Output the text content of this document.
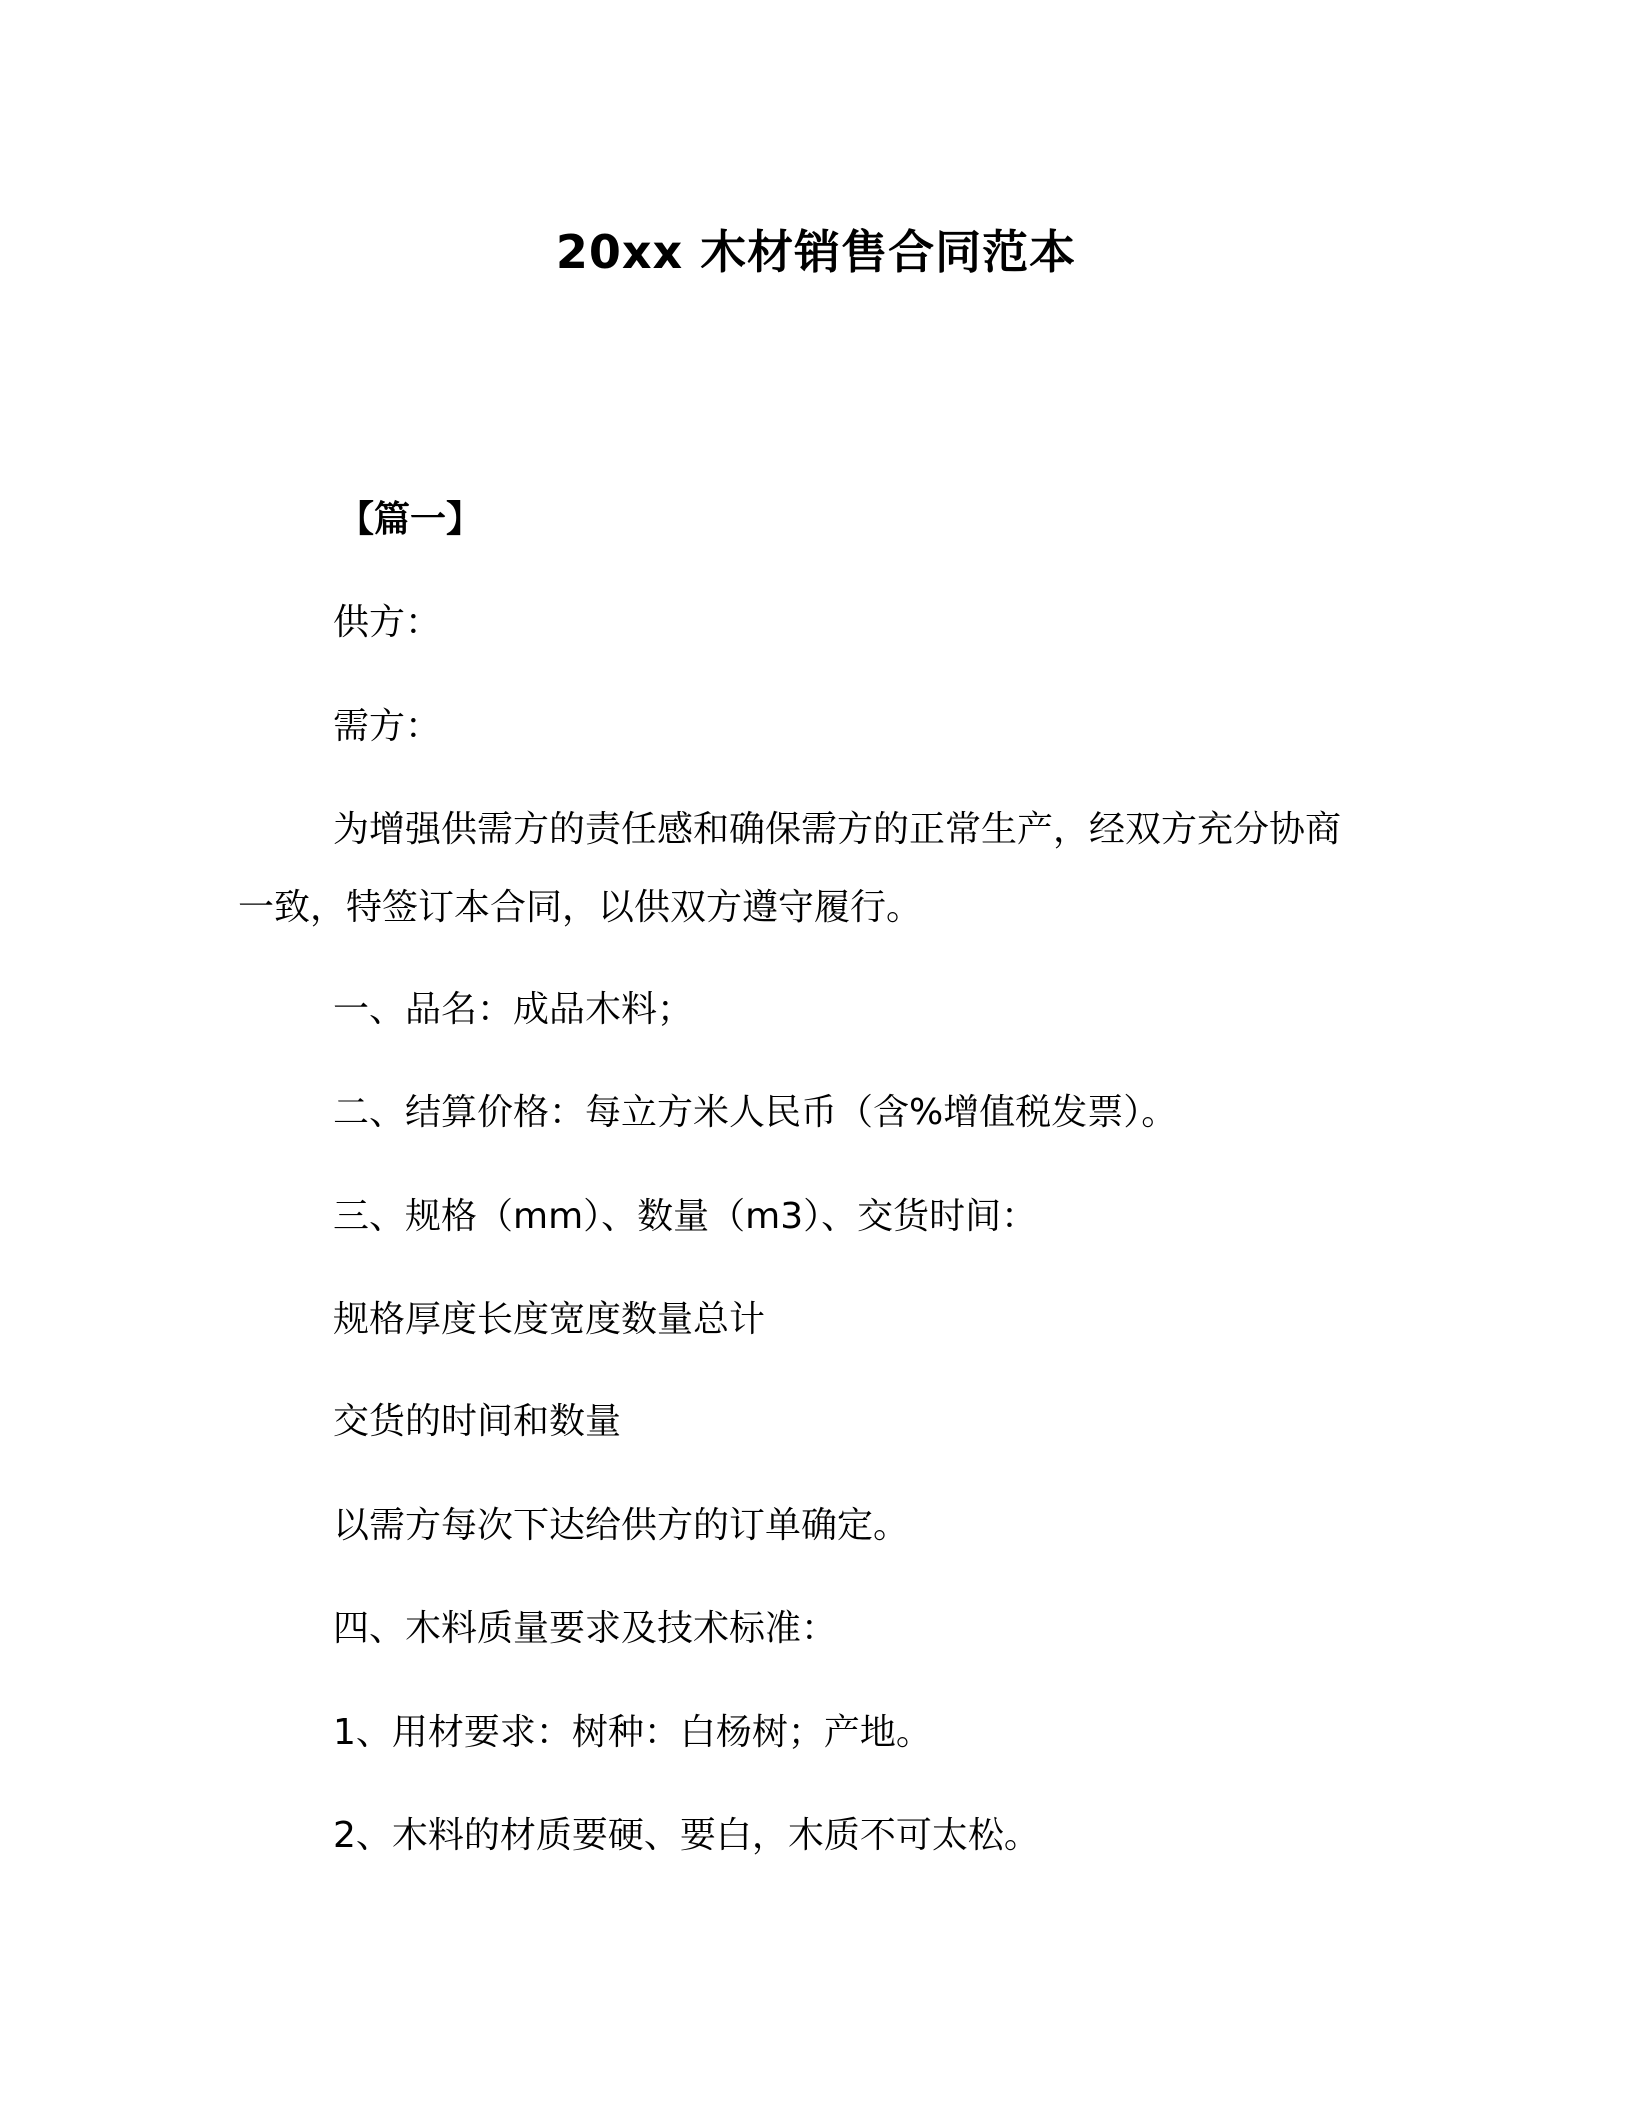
20xx 木材销售合同范本
【篇一】
供方：
需方：
为增强供需方的责任感和确保需方的正常生产，经双方充分协商
一致，特签订本合同，以供双方遵守履行。
一、品名：成品木料；
二、结算价格：每立方米人民币（含%增值税发票）。
三、规格（mm）、数量（m3）、交货时间：
规格厚度长度宽度数量总计
交货的时间和数量
以需方每次下达给供方的订单确定。
四、木料质量要求及技术标准：
1、用材要求：树种：白杨树；产地。
2、木料的材质要硬、要白，木质不可太松。
